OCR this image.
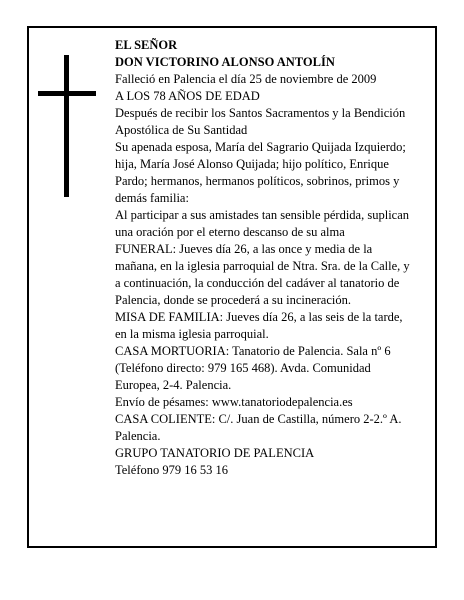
EL SEÑOR

DON VICTORINO ALONSO ANTOLÍN

Falleció en Palencia el día 25 de noviembre de 2009

A LOS 78 AÑOS DE EDAD

Después de recibir los Santos Sacramentos y la Bendición Apostólica de Su Santidad

Su apenada esposa, María del Sagrario Quijada Izquierdo; hija, María José Alonso Quijada; hijo político, Enrique Pardo; hermanos, hermanos políticos, sobrinos, primos y demás familia:

Al participar a sus amistades tan sensible pérdida, suplican una oración por el eterno descanso de su alma

FUNERAL: Jueves día 26, a las once y media de la mañana, en la iglesia parroquial de Ntra. Sra. de la Calle, y a continuación, la conducción del cadáver al tanatorio de Palencia, donde se procederá a su incineración.

MISA DE FAMILIA: Jueves día 26, a las seis de la tarde, en la misma iglesia parroquial.

CASA MORTUORIA: Tanatorio de Palencia. Sala nº 6 (Teléfono directo: 979 165 468). Avda. Comunidad Europea, 2-4. Palencia.

Envío de pésames: www.tanatoriodepalencia.es

CASA COLIENTE: C/. Juan de Castilla, número 2-2.º A. Palencia.

GRUPO TANATORIO DE PALENCIA

Teléfono 979 16 53 16
